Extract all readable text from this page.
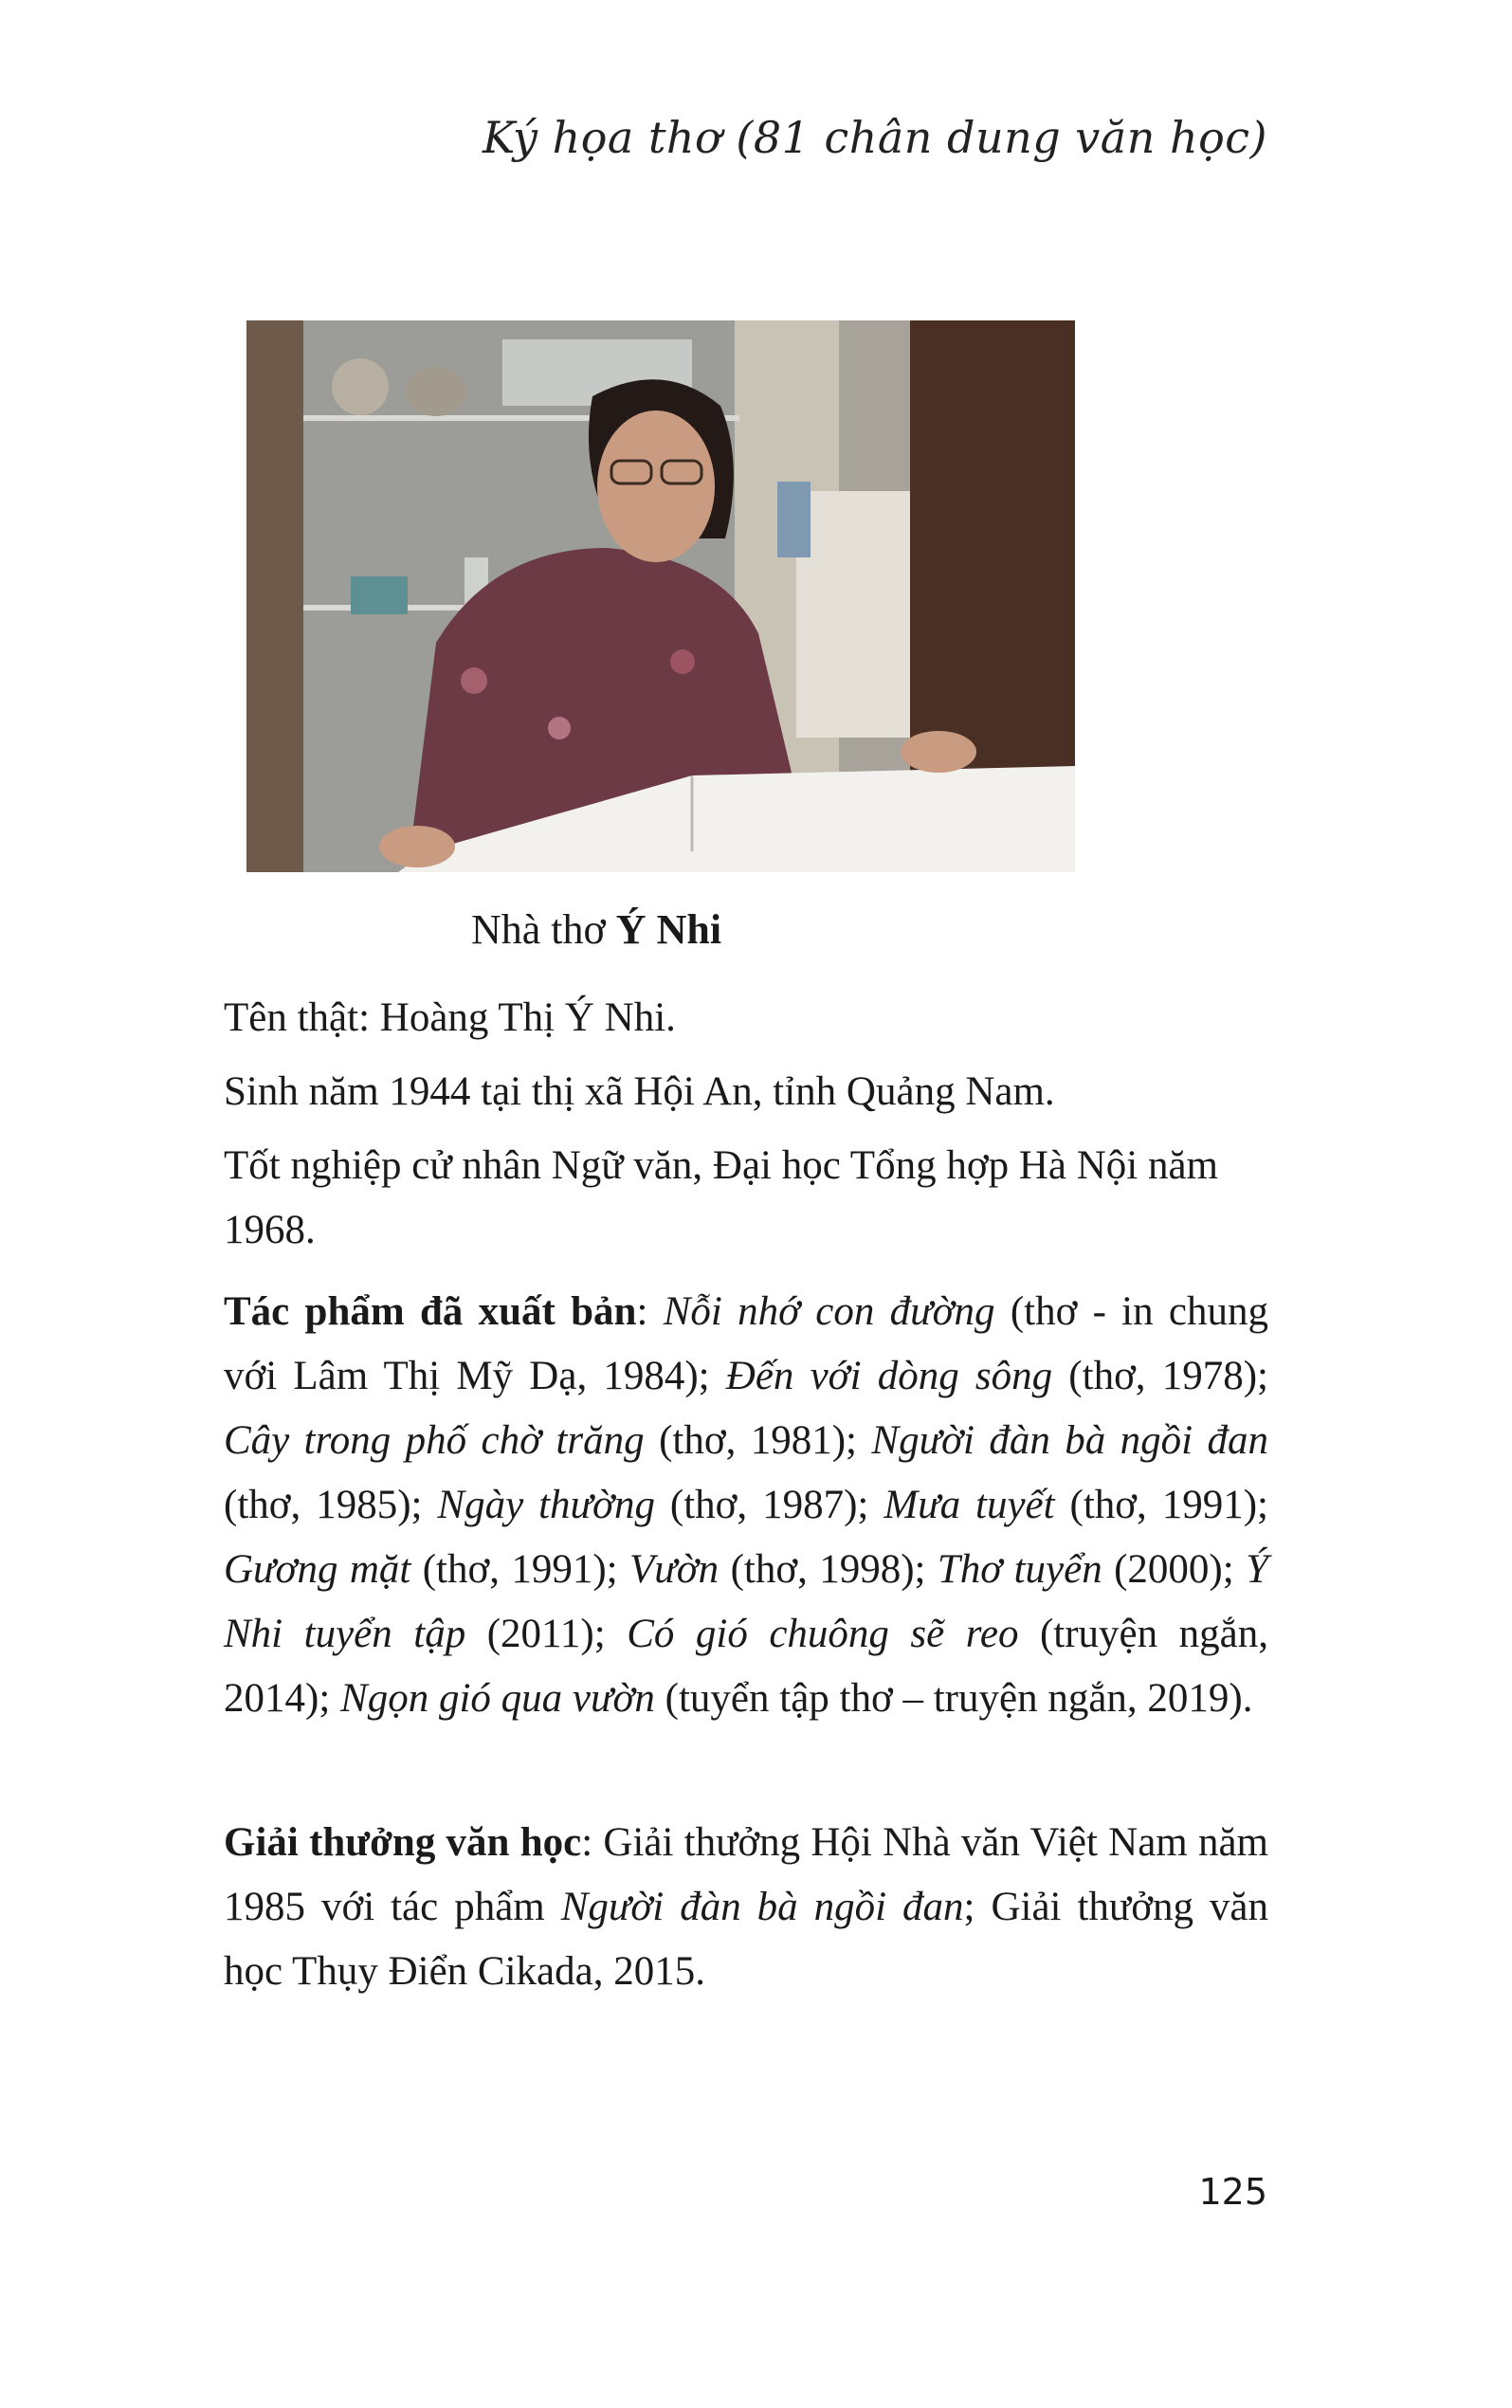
Ký họa thơ (81 chân dung văn học)
Nhà thơ Ý Nhi
Tên thật: Hoàng Thị Ý Nhi.
Sinh năm 1944 tại thị xã Hội An, tỉnh Quảng Nam.
Tốt nghiệp cử nhân Ngữ văn, Đại học Tổng hợp Hà Nội năm 1968.
Tác phẩm đã xuất bản: Nỗi nhớ con đường (thơ - in chung với Lâm Thị Mỹ Dạ, 1984); Đến với dòng sông (thơ, 1978); Cây trong phố chờ trăng (thơ, 1981); Người đàn bà ngồi đan (thơ, 1985); Ngày thường (thơ, 1987); Mưa tuyết (thơ, 1991); Gương mặt (thơ, 1991); Vườn (thơ, 1998); Thơ tuyển (2000); Ý Nhi tuyển tập (2011); Có gió chuông sẽ reo (truyện ngắn, 2014); Ngọn gió qua vườn (tuyển tập thơ – truyện ngắn, 2019).
Giải thưởng văn học: Giải thưởng Hội Nhà văn Việt Nam năm 1985 với tác phẩm Người đàn bà ngồi đan; Giải thưởng văn học Thụy Điển Cikada, 2015.
125
